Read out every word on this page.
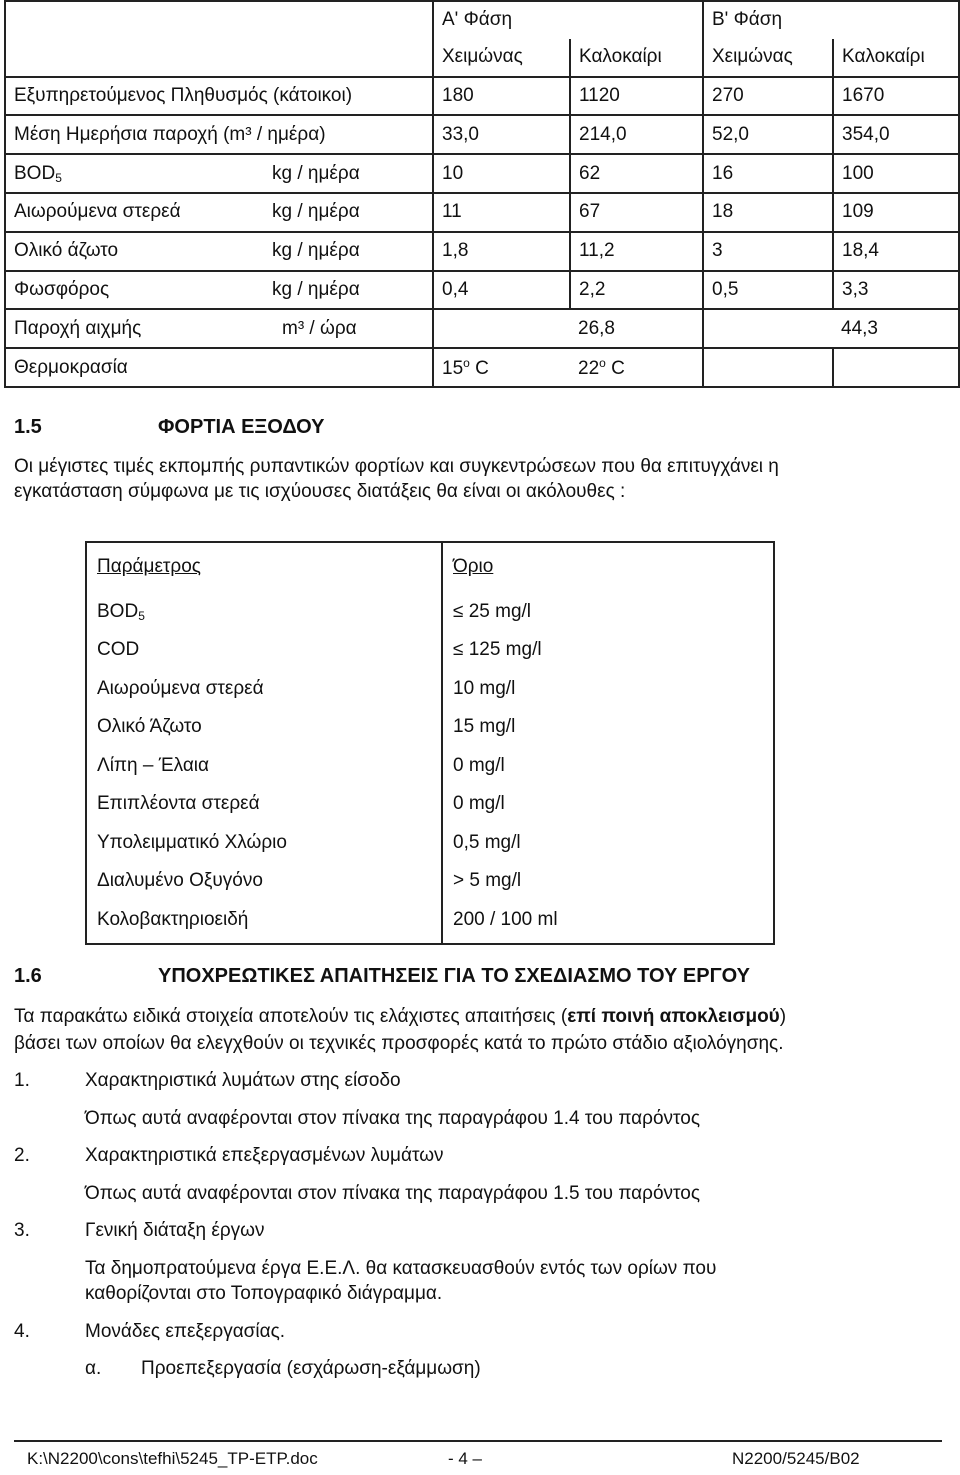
	Α' Φάση		Β' Φάση	
	Χειμώνας	Καλοκαίρι	Χειμώνας	Καλοκαίρι
Εξυπηρετούμενος Πληθυσμός (κάτοικοι)	180	1120	270	1670
Μέση Ημερήσια παροχή (m³ / ημέρα)	33,0	214,0	52,0	354,0
$BOD_5$ kg / ημέρα	10	62	16	100
Αιωρούμενα στερεά kg / ημέρα	11	67	18	109
Ολικό άζωτο kg / ημέρα	1,8	11,2	3	18,4
Φωσφόρος kg / ημέρα	0,4	2,2	0,5	3,3
Παροχή αιχμής m³ / ώρα		26,8		44,3
Θερμοκρασία	$15^o$ C	$22^o$ C		
1.5	ΦΟΡΤΙΑ ΕΞΟΔΟΥ
Οι μέγιστες τιμές εκπομπής ρυπαντικών φορτίων και συγκεντρώσεων που θα επιτυγχάνει η
εγκατάσταση σύμφωνα με τις ισχύουσες διατάξεις θα είναι οι ακόλουθες :
Παράμετρος	Όριο
$BOD_5$	≤ 25 mg/l
COD	≤ 125 mg/l
Αιωρούμενα στερεά	10 mg/l
Ολικό Άζωτο	15 mg/l
Λίπη – Έλαια	0 mg/l
Επιπλέοντα στερεά	0 mg/l
Υπολειμματικό Χλώριο	0,5 mg/l
Διαλυμένο Οξυγόνο	> 5 mg/l
Κολοβακτηριοειδή	200 / 100 ml
1.6	ΥΠΟΧΡΕΩΤΙΚΕΣ ΑΠΑΙΤΗΣΕΙΣ ΓΙΑ ΤΟ ΣΧΕΔΙΑΣΜΟ ΤΟΥ ΕΡΓΟΥ
Τα παρακάτω ειδικά στοιχεία αποτελούν τις ελάχιστες απαιτήσεις (επί ποινή αποκλεισμού)
βάσει των οποίων θα ελεγχθούν οι τεχνικές προσφορές κατά το πρώτο στάδιο αξιολόγησης.
1.	Χαρακτηριστικά λυμάτων στης είσοδο
Όπως αυτά αναφέρονται στον πίνακα της παραγράφου 1.4 του παρόντος
2.	Χαρακτηριστικά επεξεργασμένων λυμάτων
Όπως αυτά αναφέρονται στον πίνακα της παραγράφου 1.5 του παρόντος
3.	Γενική διάταξη έργων
Τα δημοπρατούμενα έργα Ε.Ε.Λ. θα κατασκευασθούν εντός των ορίων που
καθορίζονται στο Τοπογραφικό διάγραμμα.
4.	Μονάδες επεξεργασίας.
α. Προεπεξεργασία (εσχάρωση-εξάμμωση)
K:\N2200\cons\tefhi\5245_TP-ETP.doc	- 4 –	N2200/5245/B02
